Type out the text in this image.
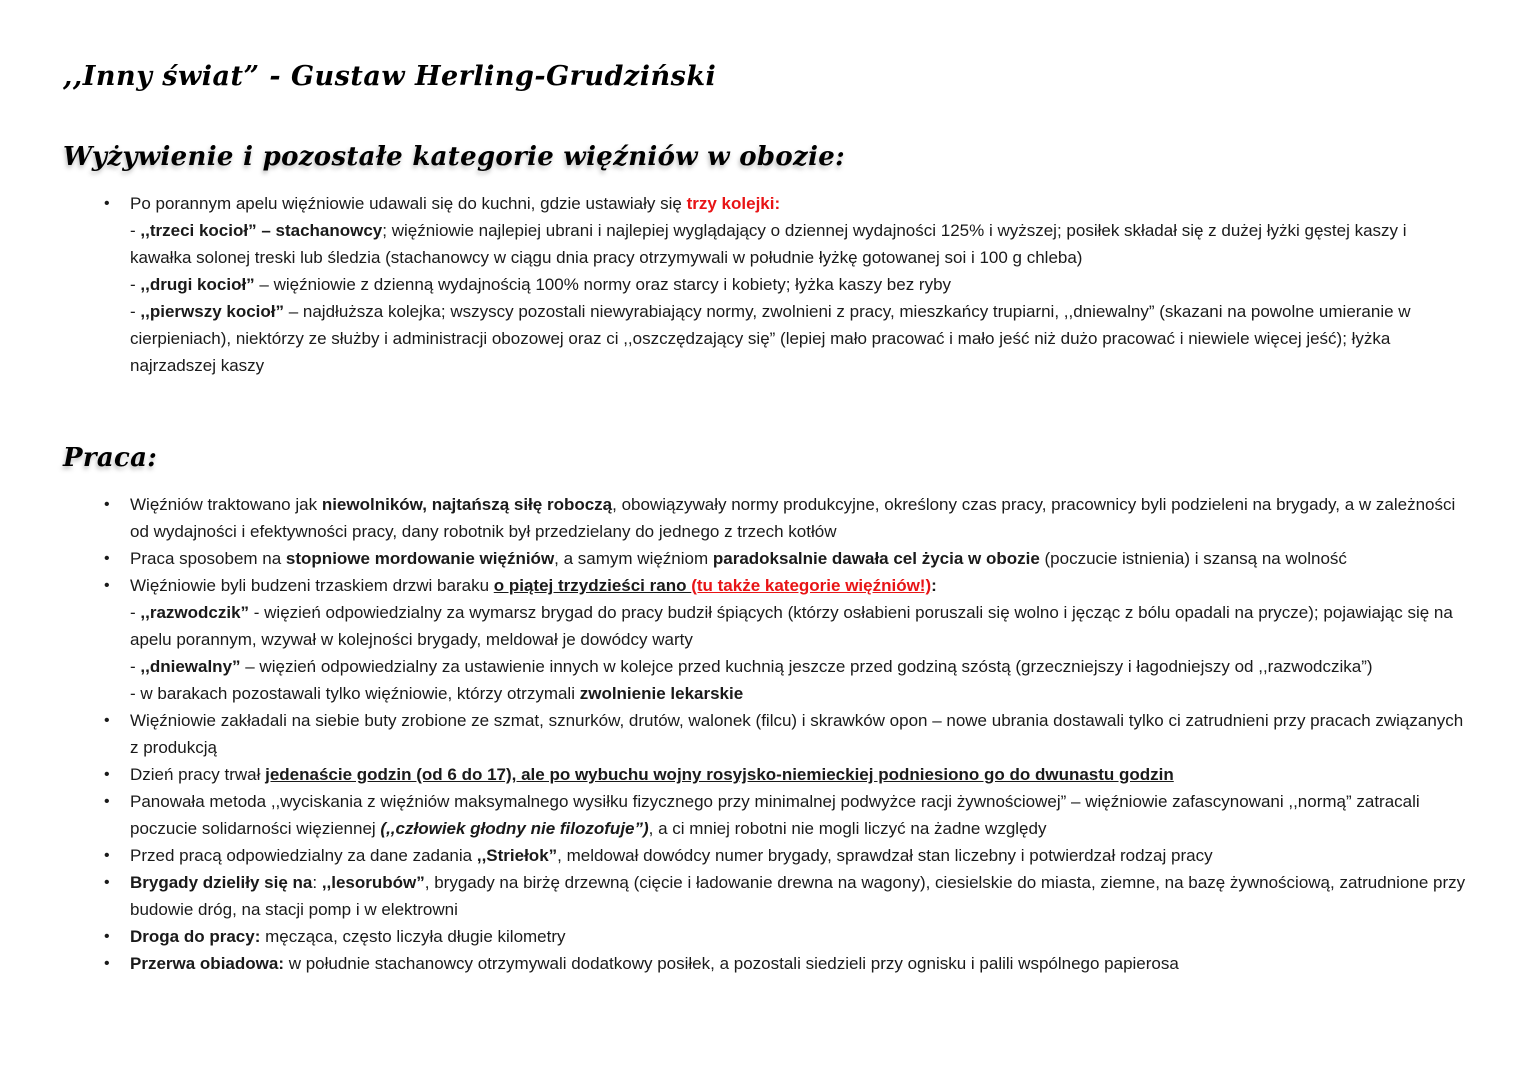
,,Inny świat” - Gustaw Herling-Grudziński
Wyżywienie i pozostałe kategorie więźniów w obozie:
• Po porannym apelu więźniowie udawali się do kuchni, gdzie ustawiały się trzy kolejki:
- ,,trzeci kocioł” – stachanowcy; więźniowie najlepiej ubrani i najlepiej wyglądający o dziennej wydajności 125% i wyższej; posiłek składał się z dużej łyżki gęstej kaszy i kawałka solonej treski lub śledzia (stachanowcy w ciągu dnia pracy otrzymywali w południe łyżkę gotowanej soi i 100 g chleba)
- ,,drugi kocioł” – więźniowie z dzienną wydajnością 100% normy oraz starcy i kobiety; łyżka kaszy bez ryby
- ,,pierwszy kocioł” – najdłuższa kolejka; wszyscy pozostali niewyrabiający normy, zwolnieni z pracy, mieszkańcy trupiarni, ,,dniewalny” (skazani na powolne umieranie w cierpieniach), niektórzy ze służby i administracji obozowej oraz ci ,,oszczędzający się” (lepiej mało pracować i mało jeść niż dużo pracować i niewiele więcej jeść); łyżka najrzadszej kaszy
Praca:
• Więźniów traktowano jak niewolników, najtańszą siłę roboczą, obowiązywały normy produkcyjne, określony czas pracy, pracownicy byli podzieleni na brygady, a w zależności od wydajności i efektywności pracy, dany robotnik był przedzielany do jednego z trzech kotłów
• Praca sposobem na stopniowe mordowanie więźniów, a samym więźniom paradoksalnie dawała cel życia w obozie (poczucie istnienia) i szansą na wolność
• Więźniowie byli budzeni trzaskiem drzwi baraku o piątej trzydzieści rano (tu także kategorie więźniów!):
- ,,razwodczik” - więzień odpowiedzialny za wymarsz brygad do pracy budził śpiących (którzy osłabieni poruszali się wolno i jęcząc z bólu opadali na prycze); pojawiając się na apelu porannym, wzywał w kolejności brygady, meldował je dowódcy warty
- ,,dniewalny” – więzień odpowiedzialny za ustawienie innych w kolejce przed kuchnią jeszcze przed godziną szóstą (grzeczniejszy i łagodniejszy od ,,razwodczika”)
- w barakach pozostawali tylko więźniowie, którzy otrzymali zwolnienie lekarskie
• Więźniowie zakładali na siebie buty zrobione ze szmat, sznurków, drutów, walonek (filcu) i skrawków opon – nowe ubrania dostawali tylko ci zatrudnieni przy pracach związanych z produkcją
• Dzień pracy trwał jedenaście godzin (od 6 do 17), ale po wybuchu wojny rosyjsko-niemieckiej podniesiono go do dwunastu godzin
• Panowała metoda ,,wyciskania z więźniów maksymalnego wysiłku fizycznego przy minimalnej podwyżce racji żywnościowej” – więźniowie zafascynowani ,,normą” zatracali poczucie solidarności więziennej (,,człowiek głodny nie filozofuje”), a ci mniej robotni nie mogli liczyć na żadne względy
• Przed pracą odpowiedzialny za dane zadania ,,Striełok”, meldował dowódcy numer brygady, sprawdzał stan liczebny i potwierdzał rodzaj pracy
• Brygady dzieliły się na: ,,lesorubów”, brygady na birżę drzewną (cięcie i ładowanie drewna na wagony), ciesielskie do miasta, ziemne, na bazę żywnościową, zatrudnione przy budowie dróg, na stacji pomp i w elektrowni
• Droga do pracy: męcząca, często liczyła długie kilometry
• Przerwa obiadowa: w południe stachanowcy otrzymywali dodatkowy posiłek, a pozostali siedzieli przy ognisku i palili wspólnego papierosa
